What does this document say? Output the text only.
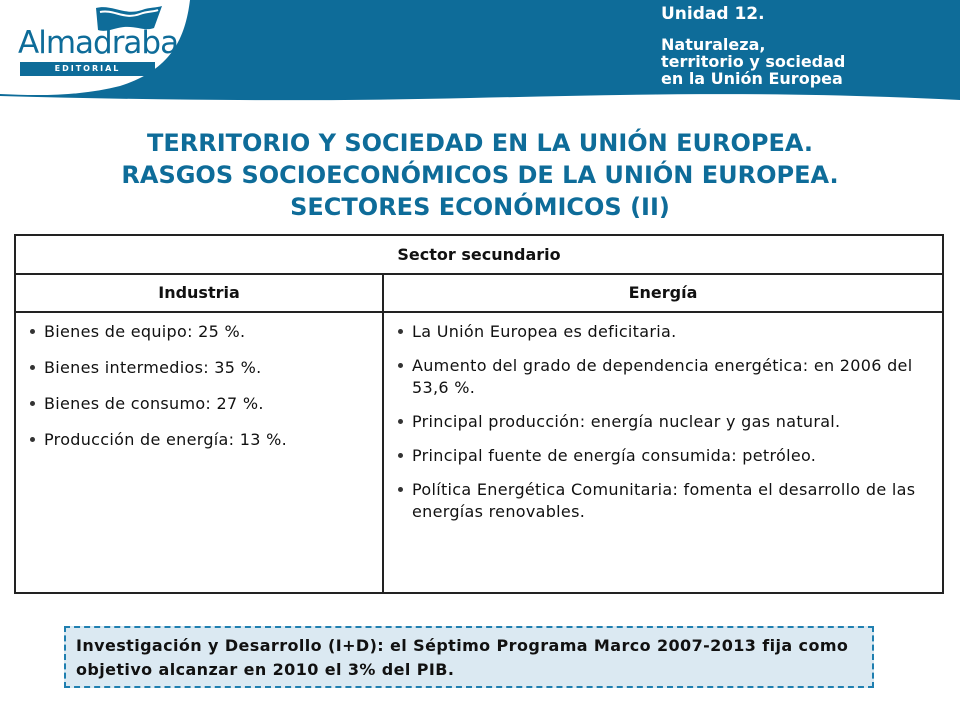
Almadraba
EDITORIAL
Unidad 12.
Naturaleza,
territorio y sociedad
en la Unión Europea
TERRITORIO Y SOCIEDAD EN LA UNIÓN EUROPEA.
RASGOS SOCIOECONÓMICOS DE LA UNIÓN EUROPEA.
SECTORES ECONÓMICOS (II)
Sector secundario
Industria	Energía
Bienes de equipo: 25 %.
Bienes intermedios: 35 %.
Bienes de consumo: 27 %.
Producción de energía: 13 %.
La Unión Europea es deficitaria.
Aumento del grado de dependencia energética: en 2006 del 53,6 %.
Principal producción: energía nuclear y gas natural.
Principal fuente de energía consumida: petróleo.
Política Energética Comunitaria: fomenta el desarrollo de las energías renovables.
Investigación y Desarrollo (I+D): el Séptimo Programa Marco 2007-2013 fija como objetivo alcanzar en 2010 el 3% del PIB.
